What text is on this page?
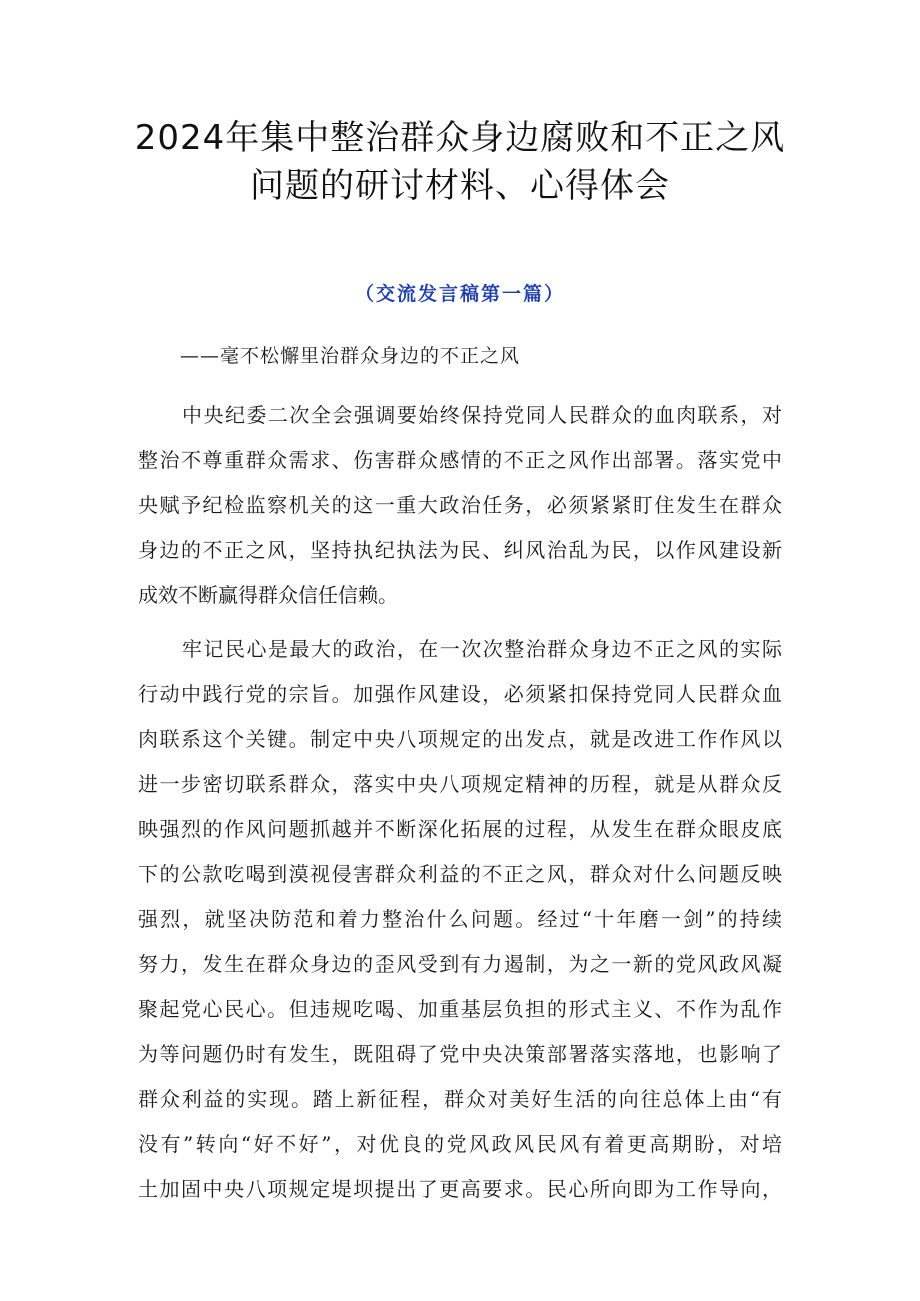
2024年集中整治群众身边腐败和不正之风
问题的研讨材料、心得体会
（交流发言稿第一篇）
——毫不松懈里治群众身边的不正之风
中央纪委二次全会强调要始终保持党同人民群众的血肉联系，对
整治不尊重群众需求、伤害群众感情的不正之风作出部署。落实党中
央赋予纪检监察机关的这一重大政治任务，必须紧紧盯住发生在群众
身边的不正之风，坚持执纪执法为民、纠风治乱为民，以作风建设新
成效不断赢得群众信任信赖。
牢记民心是最大的政治，在一次次整治群众身边不正之风的实际
行动中践行党的宗旨。加强作风建设，必须紧扣保持党同人民群众血
肉联系这个关键。制定中央八项规定的出发点，就是改进工作作风以
进一步密切联系群众，落实中央八项规定精神的历程，就是从群众反
映强烈的作风问题抓越并不断深化拓展的过程，从发生在群众眼皮底
下的公款吃喝到漠视侵害群众利益的不正之风，群众对什么问题反映
强烈，就坚决防范和着力整治什么问题。经过“十年磨一剑”的持续
努力，发生在群众身边的歪风受到有力遏制，为之一新的党风政风凝
聚起党心民心。但违规吃喝、加重基层负担的形式主义、不作为乱作
为等问题仍时有发生，既阻碍了党中央决策部署落实落地，也影响了
群众利益的实现。踏上新征程，群众对美好生活的向往总体上由“有
没有”转向“好不好”，对优良的党风政风民风有着更高期盼，对培
土加固中央八项规定堤坝提出了更高要求。民心所向即为工作导向，
